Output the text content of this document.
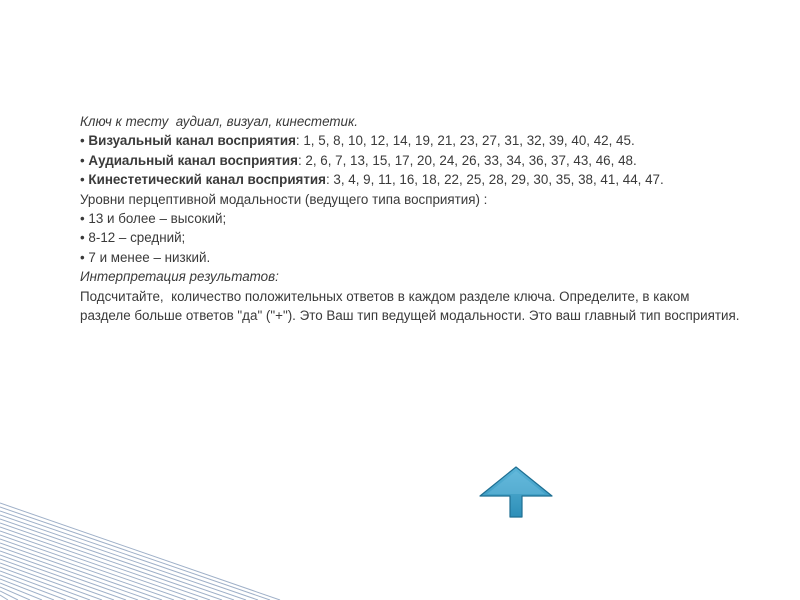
Ключ к тесту  аудиал, визуал, кинестетик.

• Визуальный канал восприятия: 1, 5, 8, 10, 12, 14, 19, 21, 23, 27, 31, 32, 39, 40, 42, 45.

• Аудиальный канал восприятия: 2, 6, 7, 13, 15, 17, 20, 24, 26, 33, 34, 36, 37, 43, 46, 48.

• Кинестетический канал восприятия: 3, 4, 9, 11, 16, 18, 22, 25, 28, 29, 30, 35, 38, 41, 44, 47.

Уровни перцептивной модальности (ведущего типа восприятия) :

• 13 и более – высокий;

• 8-12 – средний;

• 7 и менее – низкий.

Интерпретация результатов:

Подсчитайте,  количество положительных ответов в каждом разделе ключа. Определите, в каком разделе больше ответов "да" ("+"). Это Ваш тип ведущей модальности. Это ваш главный тип восприятия.
